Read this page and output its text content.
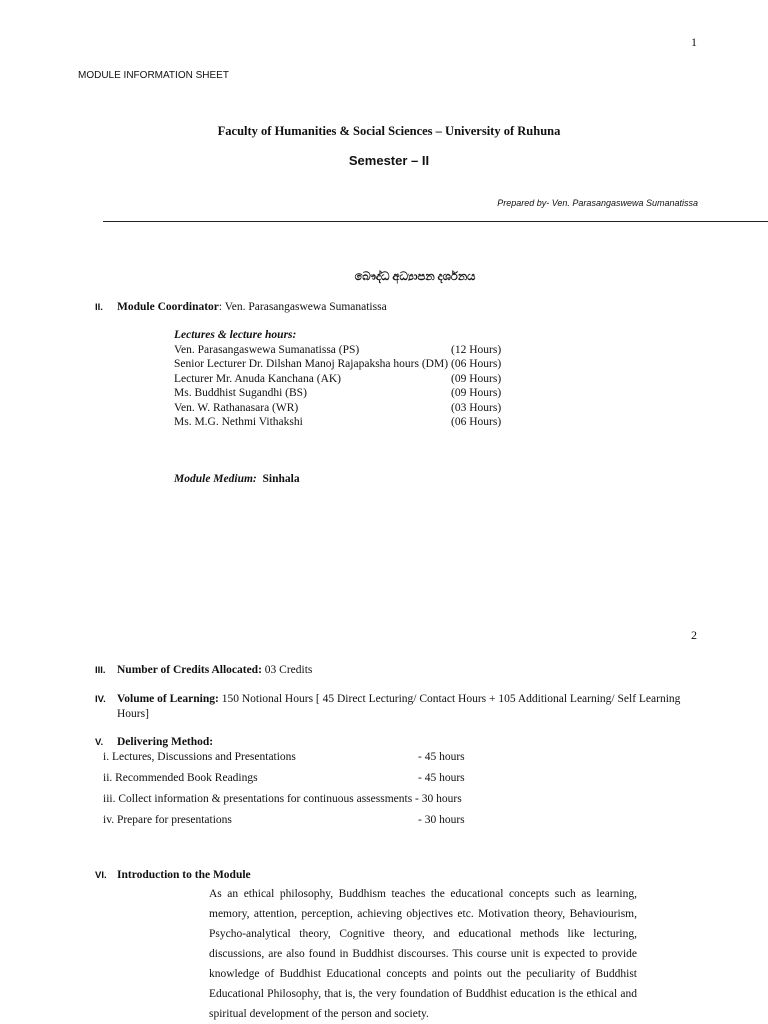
1
MODULE INFORMATION SHEET
Faculty of Humanities & Social Sciences – University of Ruhuna
Semester – II
Prepared by- Ven. Parasangaswewa Sumanatissa
බෞද්ධ අධ්‍යාපන දර්ශනය
II. Module Coordinator: Ven. Parasangaswewa Sumanatissa
Lectures & lecture hours:
Ven. Parasangaswewa Sumanatissa (PS)	(12 Hours)
Senior Lecturer Dr. Dilshan Manoj Rajapaksha hours (DM)	(06 Hours)
Lecturer Mr. Anuda Kanchana (AK)	(09 Hours)
Ms. Buddhist Sugandhi (BS)	(09 Hours)
Ven. W. Rathanasara (WR)	(03 Hours)
Ms. M.G. Nethmi Vithakshi	(06 Hours)
Module Medium: Sinhala
2
III. Number of Credits Allocated: 03 Credits
IV. Volume of Learning: 150 Notional Hours [ 45 Direct Lecturing/ Contact Hours + 105 Additional Learning/ Self Learning
Hours]
V. Delivering Method:
i. Lectures, Discussions and Presentations	- 45 hours
ii. Recommended Book Readings	- 45 hours
iii. Collect information & presentations for continuous assessments - 30 hours
iv. Prepare for presentations	- 30 hours
VI. Introduction to the Module
As an ethical philosophy, Buddhism teaches the educational concepts such as learning, memory, attention, perception, achieving objectives etc. Motivation theory, Behaviourism, Psycho-analytical theory, Cognitive theory, and educational methods like lecturing, discussions, are also found in Buddhist discourses. This course unit is expected to provide knowledge of Buddhist Educational concepts and points out the peculiarity of Buddhist Educational Philosophy, that is, the very foundation of Buddhist education is the ethical and spiritual development of the person and society.
